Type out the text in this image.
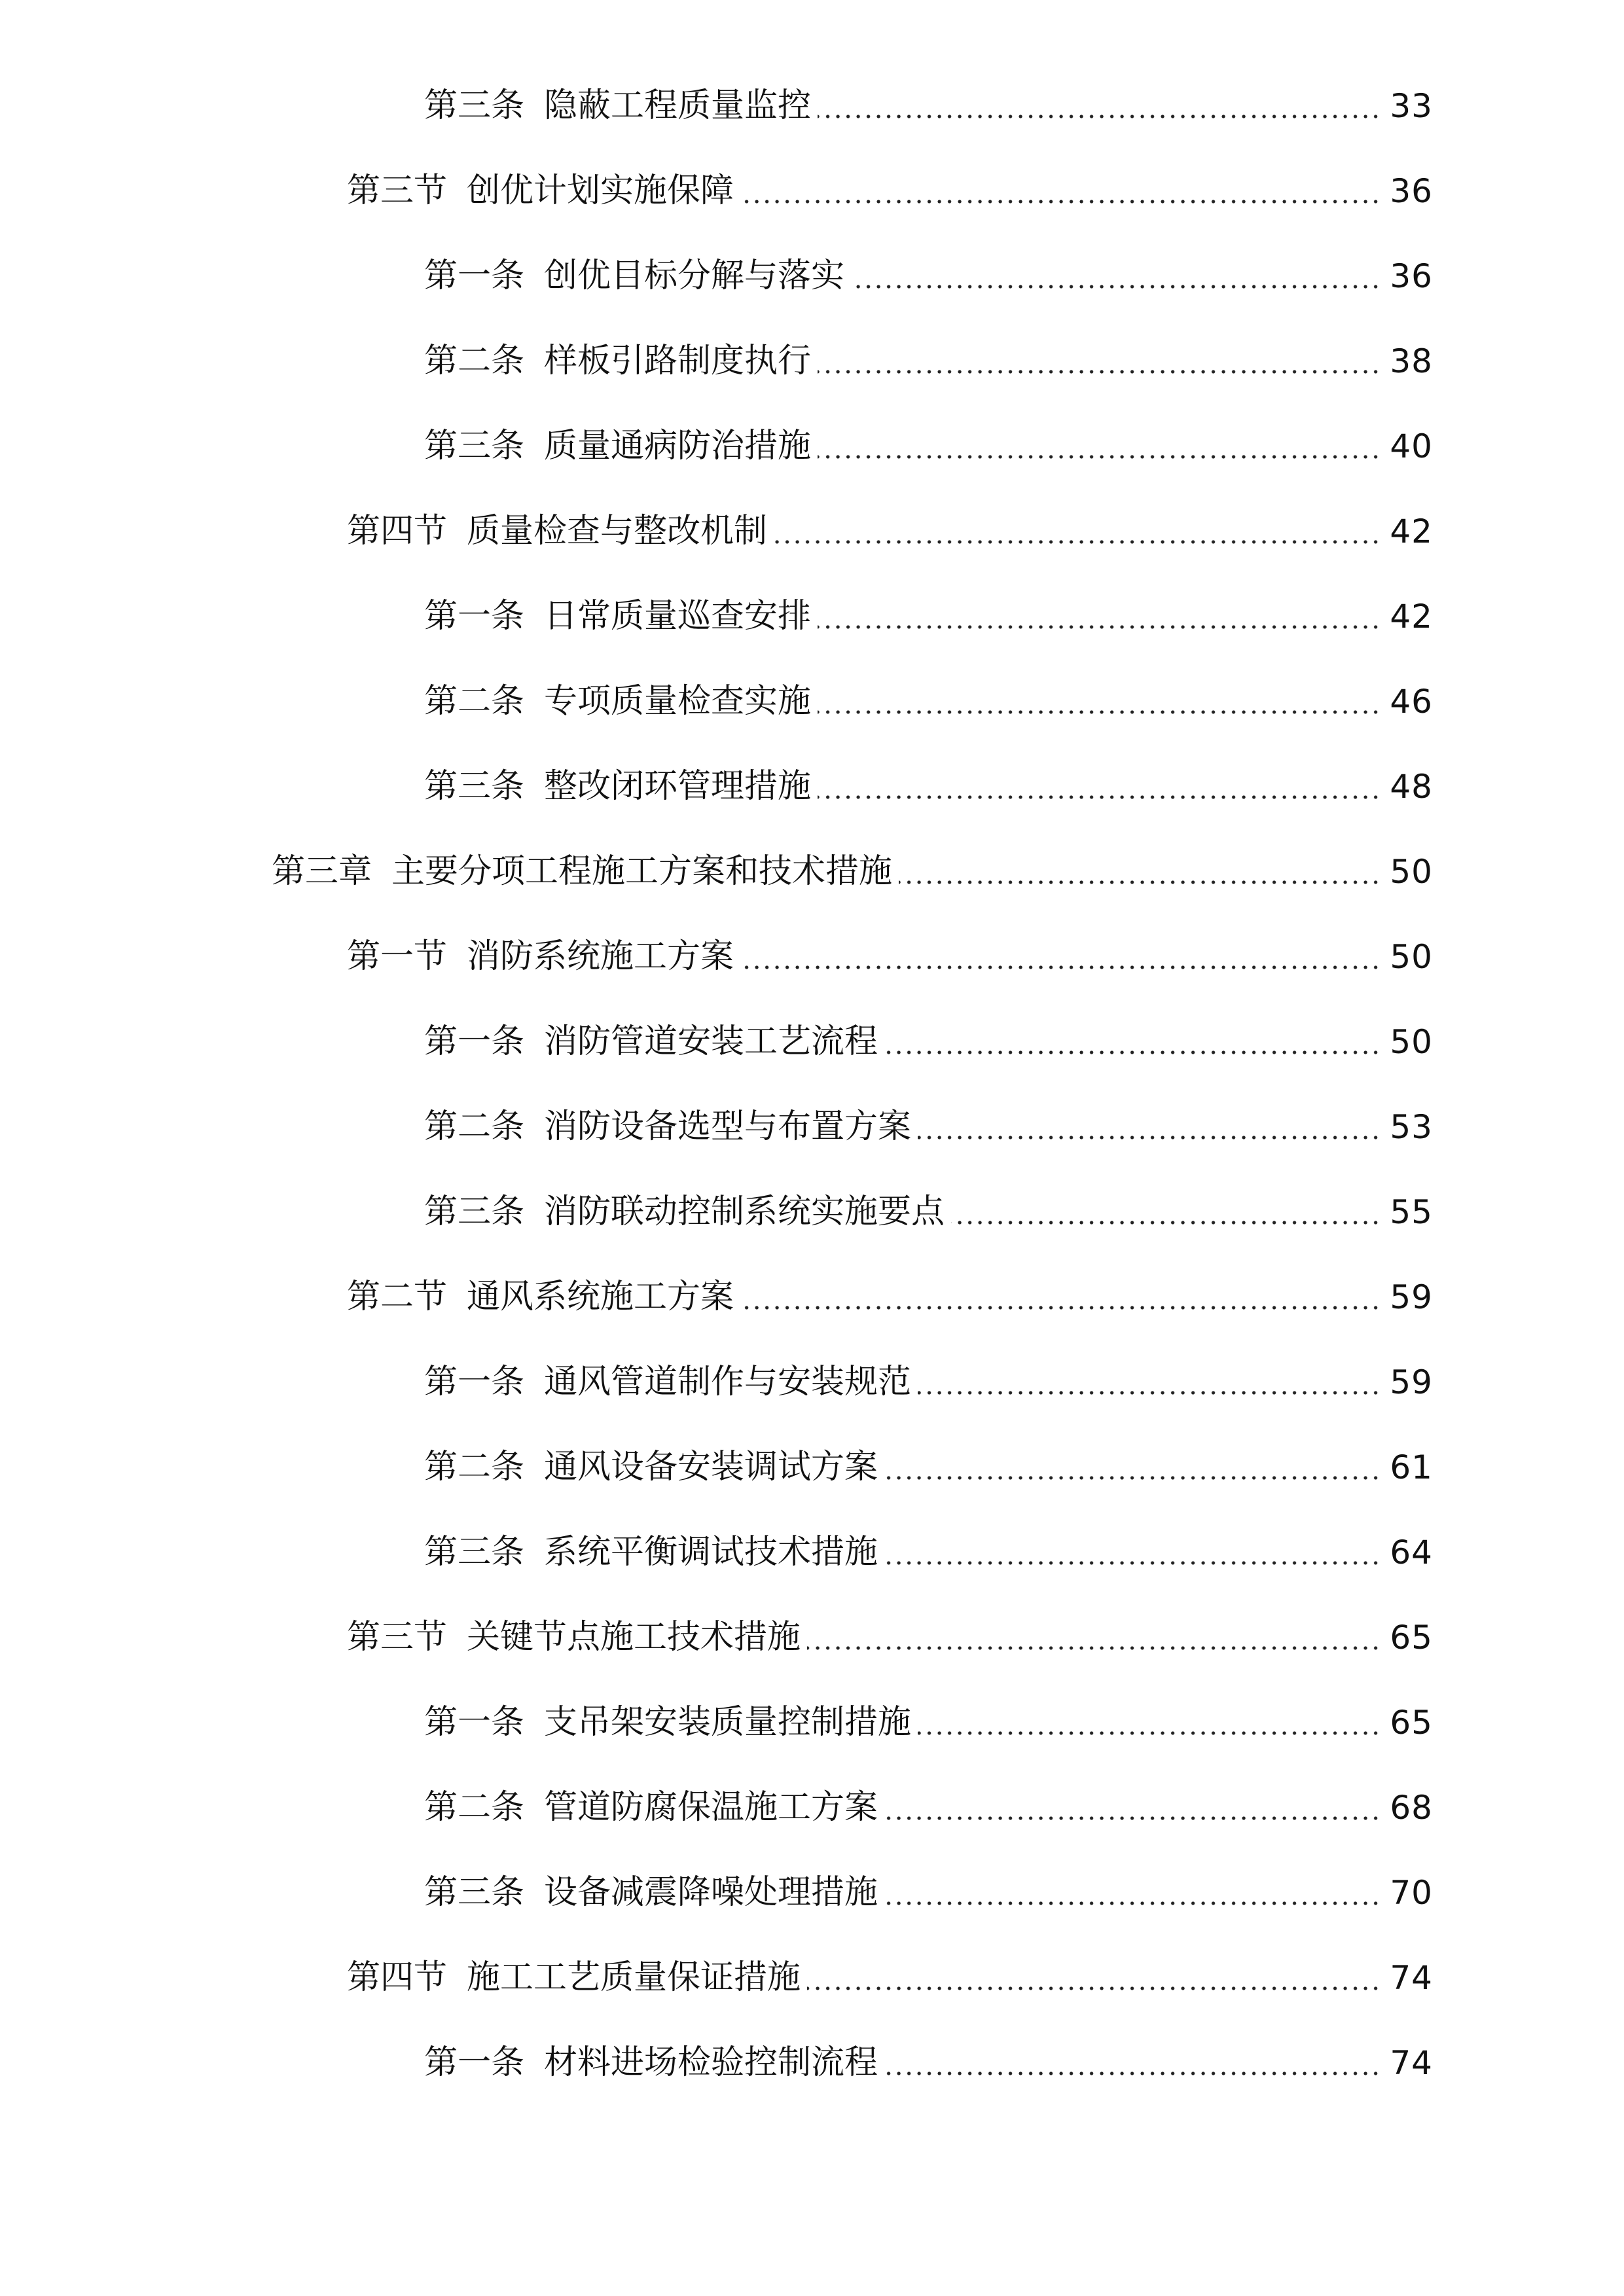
第三条 隐蔽工程质量监控	33
第三节 创优计划实施保障	36
第一条 创优目标分解与落实	36
第二条 样板引路制度执行	38
第三条 质量通病防治措施	40
第四节 质量检查与整改机制	42
第一条 日常质量巡查安排	42
第二条 专项质量检查实施	46
第三条 整改闭环管理措施	48
第三章 主要分项工程施工方案和技术措施	50
第一节 消防系统施工方案	50
第一条 消防管道安装工艺流程	50
第二条 消防设备选型与布置方案	53
第三条 消防联动控制系统实施要点	55
第二节 通风系统施工方案	59
第一条 通风管道制作与安装规范	59
第二条 通风设备安装调试方案	61
第三条 系统平衡调试技术措施	64
第三节 关键节点施工技术措施	65
第一条 支吊架安装质量控制措施	65
第二条 管道防腐保温施工方案	68
第三条 设备减震降噪处理措施	70
第四节 施工工艺质量保证措施	74
第一条 材料进场检验控制流程	74
